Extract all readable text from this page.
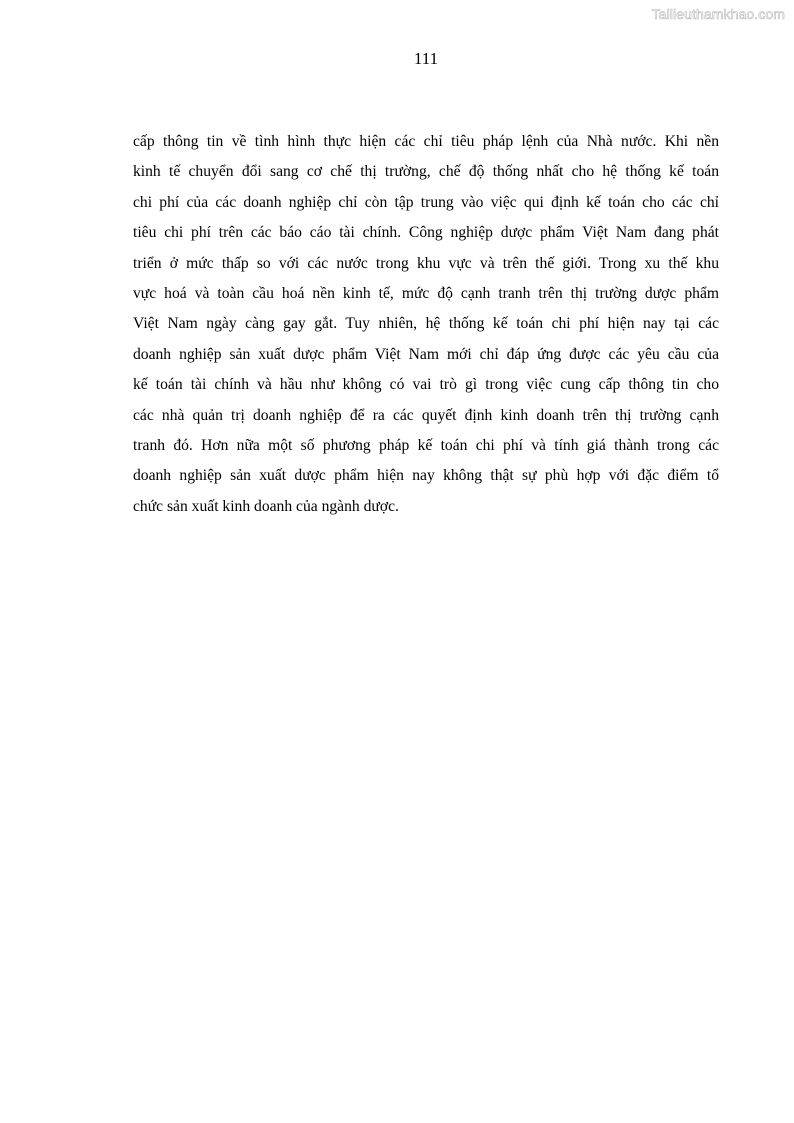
Tailieuthamkhao.com
111

cấp thông tin về tình hình thực hiện các chỉ tiêu pháp lệnh của Nhà nước. Khi nền
kinh tế chuyển đổi sang cơ chế thị trường, chế độ thống nhất cho hệ thống kế toán
chi phí của các doanh nghiệp chỉ còn tập trung vào việc qui định kế toán cho các chỉ
tiêu chi phí trên các báo cáo tài chính. Công nghiệp dược phẩm Việt Nam đang phát
triển ở mức thấp so với các nước trong khu vực và trên thế giới. Trong xu thế khu
vực hoá và toàn cầu hoá nền kinh tế, mức độ cạnh tranh trên thị trường dược phẩm
Việt Nam ngày càng gay gắt. Tuy nhiên, hệ thống kế toán chi phí hiện nay tại các
doanh nghiệp sản xuất dược phẩm Việt Nam mới chỉ đáp ứng được các yêu cầu của
kế toán tài chính và hầu như không có vai trò gì trong việc cung cấp thông tin cho
các nhà quản trị doanh nghiệp để ra các quyết định kinh doanh trên thị trường cạnh
tranh đó. Hơn nữa một số phương pháp kế toán chi phí và tính giá thành trong các
doanh nghiệp sản xuất dược phẩm hiện nay không thật sự phù hợp với đặc điểm tổ
chức sản xuất kinh doanh của ngành dược.
